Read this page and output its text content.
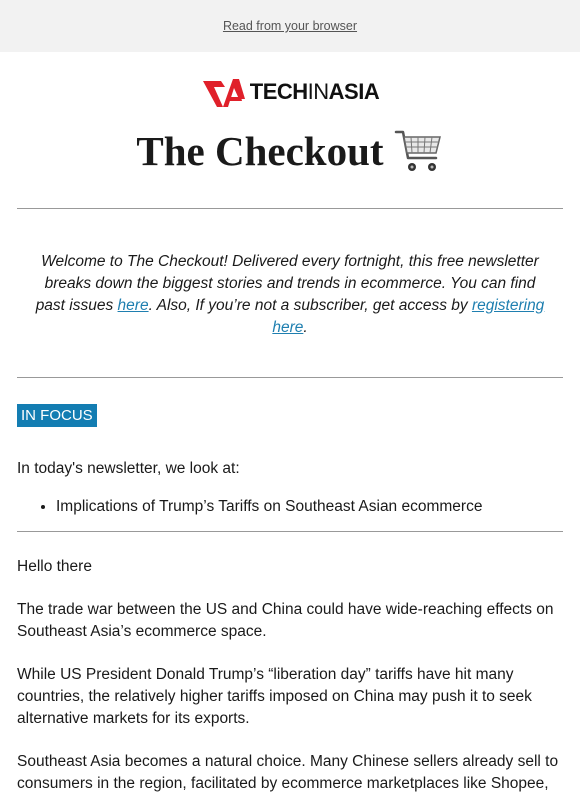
Read from your browser
TECHINASIA
The Checkout

Welcome to The Checkout! Delivered every fortnight, this free newsletter breaks down the biggest stories and trends in ecommerce. You can find past issues here. Also, If you’re not a subscriber, get access by registering here.

IN FOCUS

In today's newsletter, we look at:

• Implications of Trump’s Tariffs on Southeast Asian ecommerce

Hello there

The trade war between the US and China could have wide-reaching effects on Southeast Asia’s ecommerce space.

While US President Donald Trump’s “liberation day” tariffs have hit many countries, the relatively higher tariffs imposed on China may push it to seek alternative markets for its exports.

Southeast Asia becomes a natural choice. Many Chinese sellers already sell to consumers in the region, facilitated by ecommerce marketplaces like Shopee,
